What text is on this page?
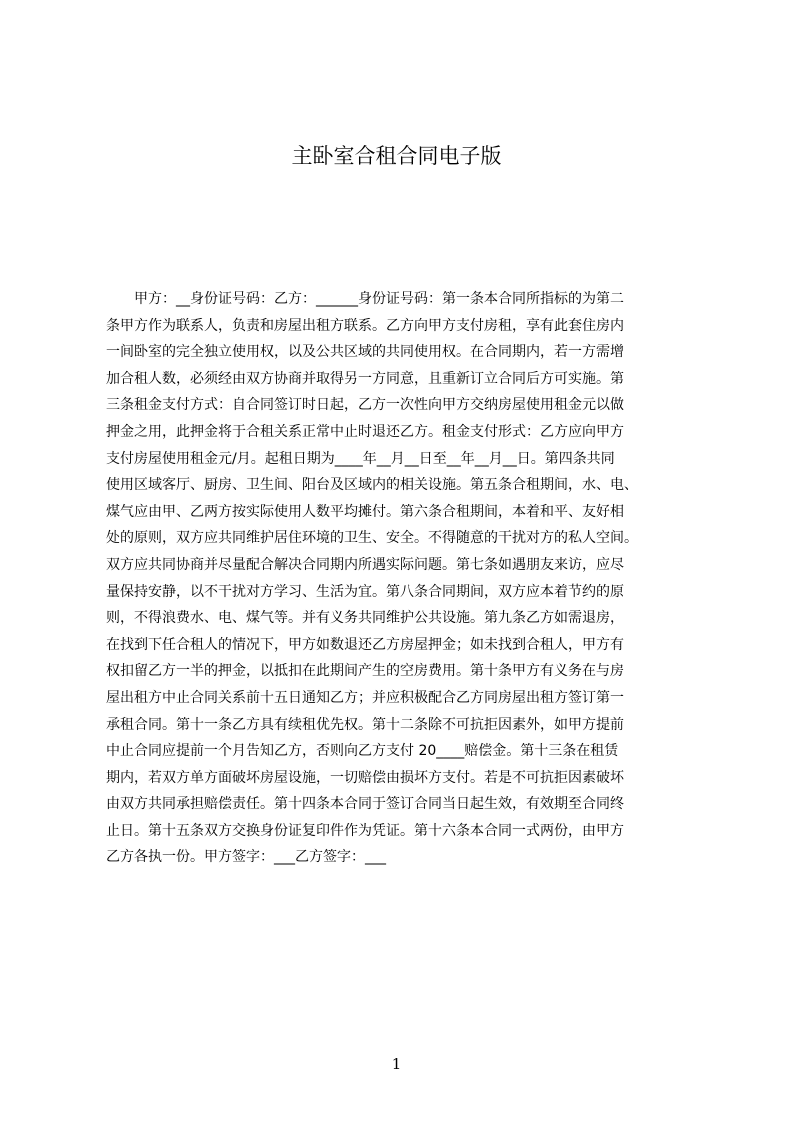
主卧室合租合同电子版
　　甲方：__身份证号码：乙方：______身份证号码：第一条本合同所指标的为第二
条甲方作为联系人，负责和房屋出租方联系。乙方向甲方支付房租，享有此套住房内
一间卧室的完全独立使用权，以及公共区域的共同使用权。在合同期内，若一方需增
加合租人数，必须经由双方协商并取得另一方同意，且重新订立合同后方可实施。第
三条租金支付方式：自合同签订时日起，乙方一次性向甲方交纳房屋使用租金元以做
押金之用，此押金将于合租关系正常中止时退还乙方。租金支付形式：乙方应向甲方
支付房屋使用租金元/月。起租日期为____年__月__日至__年__月__日。第四条共同
使用区域客厅、厨房、卫生间、阳台及区域内的相关设施。第五条合租期间，水、电、
煤气应由甲、乙两方按实际使用人数平均摊付。第六条合租期间，本着和平、友好相
处的原则，双方应共同维护居住环境的卫生、安全。不得随意的干扰对方的私人空间。
双方应共同协商并尽量配合解决合同期内所遇实际问题。第七条如遇朋友来访，应尽
量保持安静，以不干扰对方学习、生活为宜。第八条合同期间，双方应本着节约的原
则，不得浪费水、电、煤气等。并有义务共同维护公共设施。第九条乙方如需退房，
在找到下任合租人的情况下，甲方如数退还乙方房屋押金；如未找到合租人，甲方有
权扣留乙方一半的押金，以抵扣在此期间产生的空房费用。第十条甲方有义务在与房
屋出租方中止合同关系前十五日通知乙方；并应积极配合乙方同房屋出租方签订第一
承租合同。第十一条乙方具有续租优先权。第十二条除不可抗拒因素外，如甲方提前
中止合同应提前一个月告知乙方，否则向乙方支付 20____赔偿金。第十三条在租赁
期内，若双方单方面破坏房屋设施，一切赔偿由损坏方支付。若是不可抗拒因素破坏
由双方共同承担赔偿责任。第十四条本合同于签订合同当日起生效，有效期至合同终
止日。第十五条双方交换身份证复印件作为凭证。第十六条本合同一式两份，由甲方
乙方各执一份。甲方签字：___乙方签字：___
1
